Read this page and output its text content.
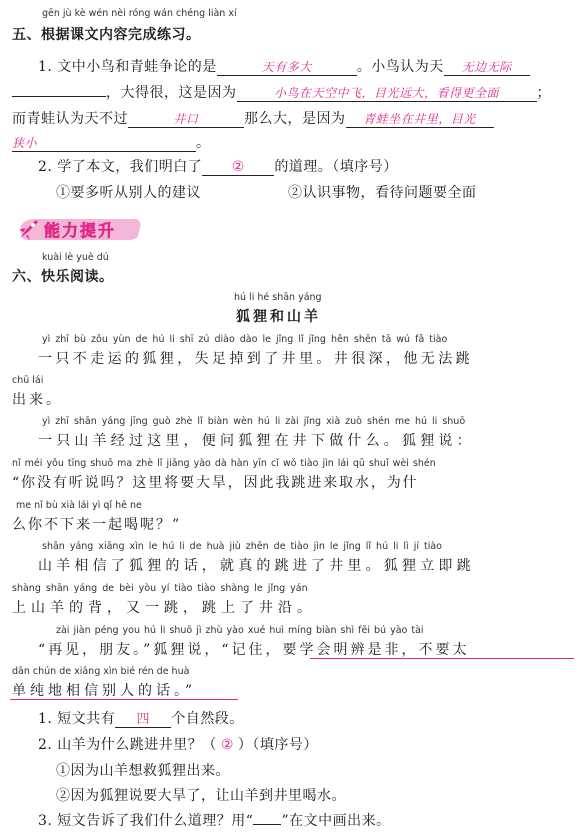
gēn jù kè wén nèi róng wán chéng liàn xí
五、根据课文内容完成练习。
1. 文中小鸟和青蛙争论的是	天有多大	。小鸟认为天 无边无际
，大得很，这是因为	小鸟在天空中飞，目光远大，看得更全面	；
而青蛙认为天不过	井口	那么大，是因为 青蛙坐在井里，目光
狭小	。
2. 学了本文，我们明白了 ② 的道理。（填序号）
①要多听从别人的建议	②认识事物，看待问题要全面
能力提升
kuài lè yuè dú
六、快乐阅读。
hú li hé shān yáng
狐狸和山羊
yì zhī bù zǒu yùn de hú li shī zú diào dào le jǐng lǐ jǐng hěn shēn tā wú fǎ tiào
一只不走运的狐狸，失足掉到了井里。井很深，他无法跳
chū lái
出来。
yì zhī shān yáng jīng guò zhè lǐ biàn wèn hú li zài jǐng xià zuò shén me hú li shuō
一只山羊经过这里，便问狐狸在井下做什么。狐狸说：
nǐ méi yǒu tīng shuō ma zhè lǐ jiāng yào dà hàn yīn cǐ wǒ tiào jìn lái qǔ shuǐ wèi shén
“你没有听说吗？这里将要大旱，因此我跳进来取水，为什
me nǐ bù xià lái yì qǐ hē ne
么你不下来一起喝呢？”
shān yáng xiāng xìn le hú li de huà jiù zhēn de tiào jìn le jǐng lǐ hú li lì jí tiào
山羊相信了狐狸的话，就真的跳进了井里。狐狸立即跳
shàng shān yáng de bèi yòu yí tiào tiào shàng le jǐng yán
上山羊的背，又一跳，跳上了井沿。
zài jiàn péng you hú li shuō jì zhù yào xué huì míng biàn shì fēi bú yào tài
“再见，朋友。”狐狸说，“记住，要学会明辨是非，不要太
dān chún de xiāng xìn bié rén de huà
单纯地相信别人的话。”
1. 短文共有 四 个自然段。
2. 山羊为什么跳进井里？（ ② ）（填序号）
①因为山羊想救狐狸出来。
②因为狐狸说要大旱了，让山羊到井里喝水。
3. 短文告诉了我们什么道理？用“ ”在文中画出来。
